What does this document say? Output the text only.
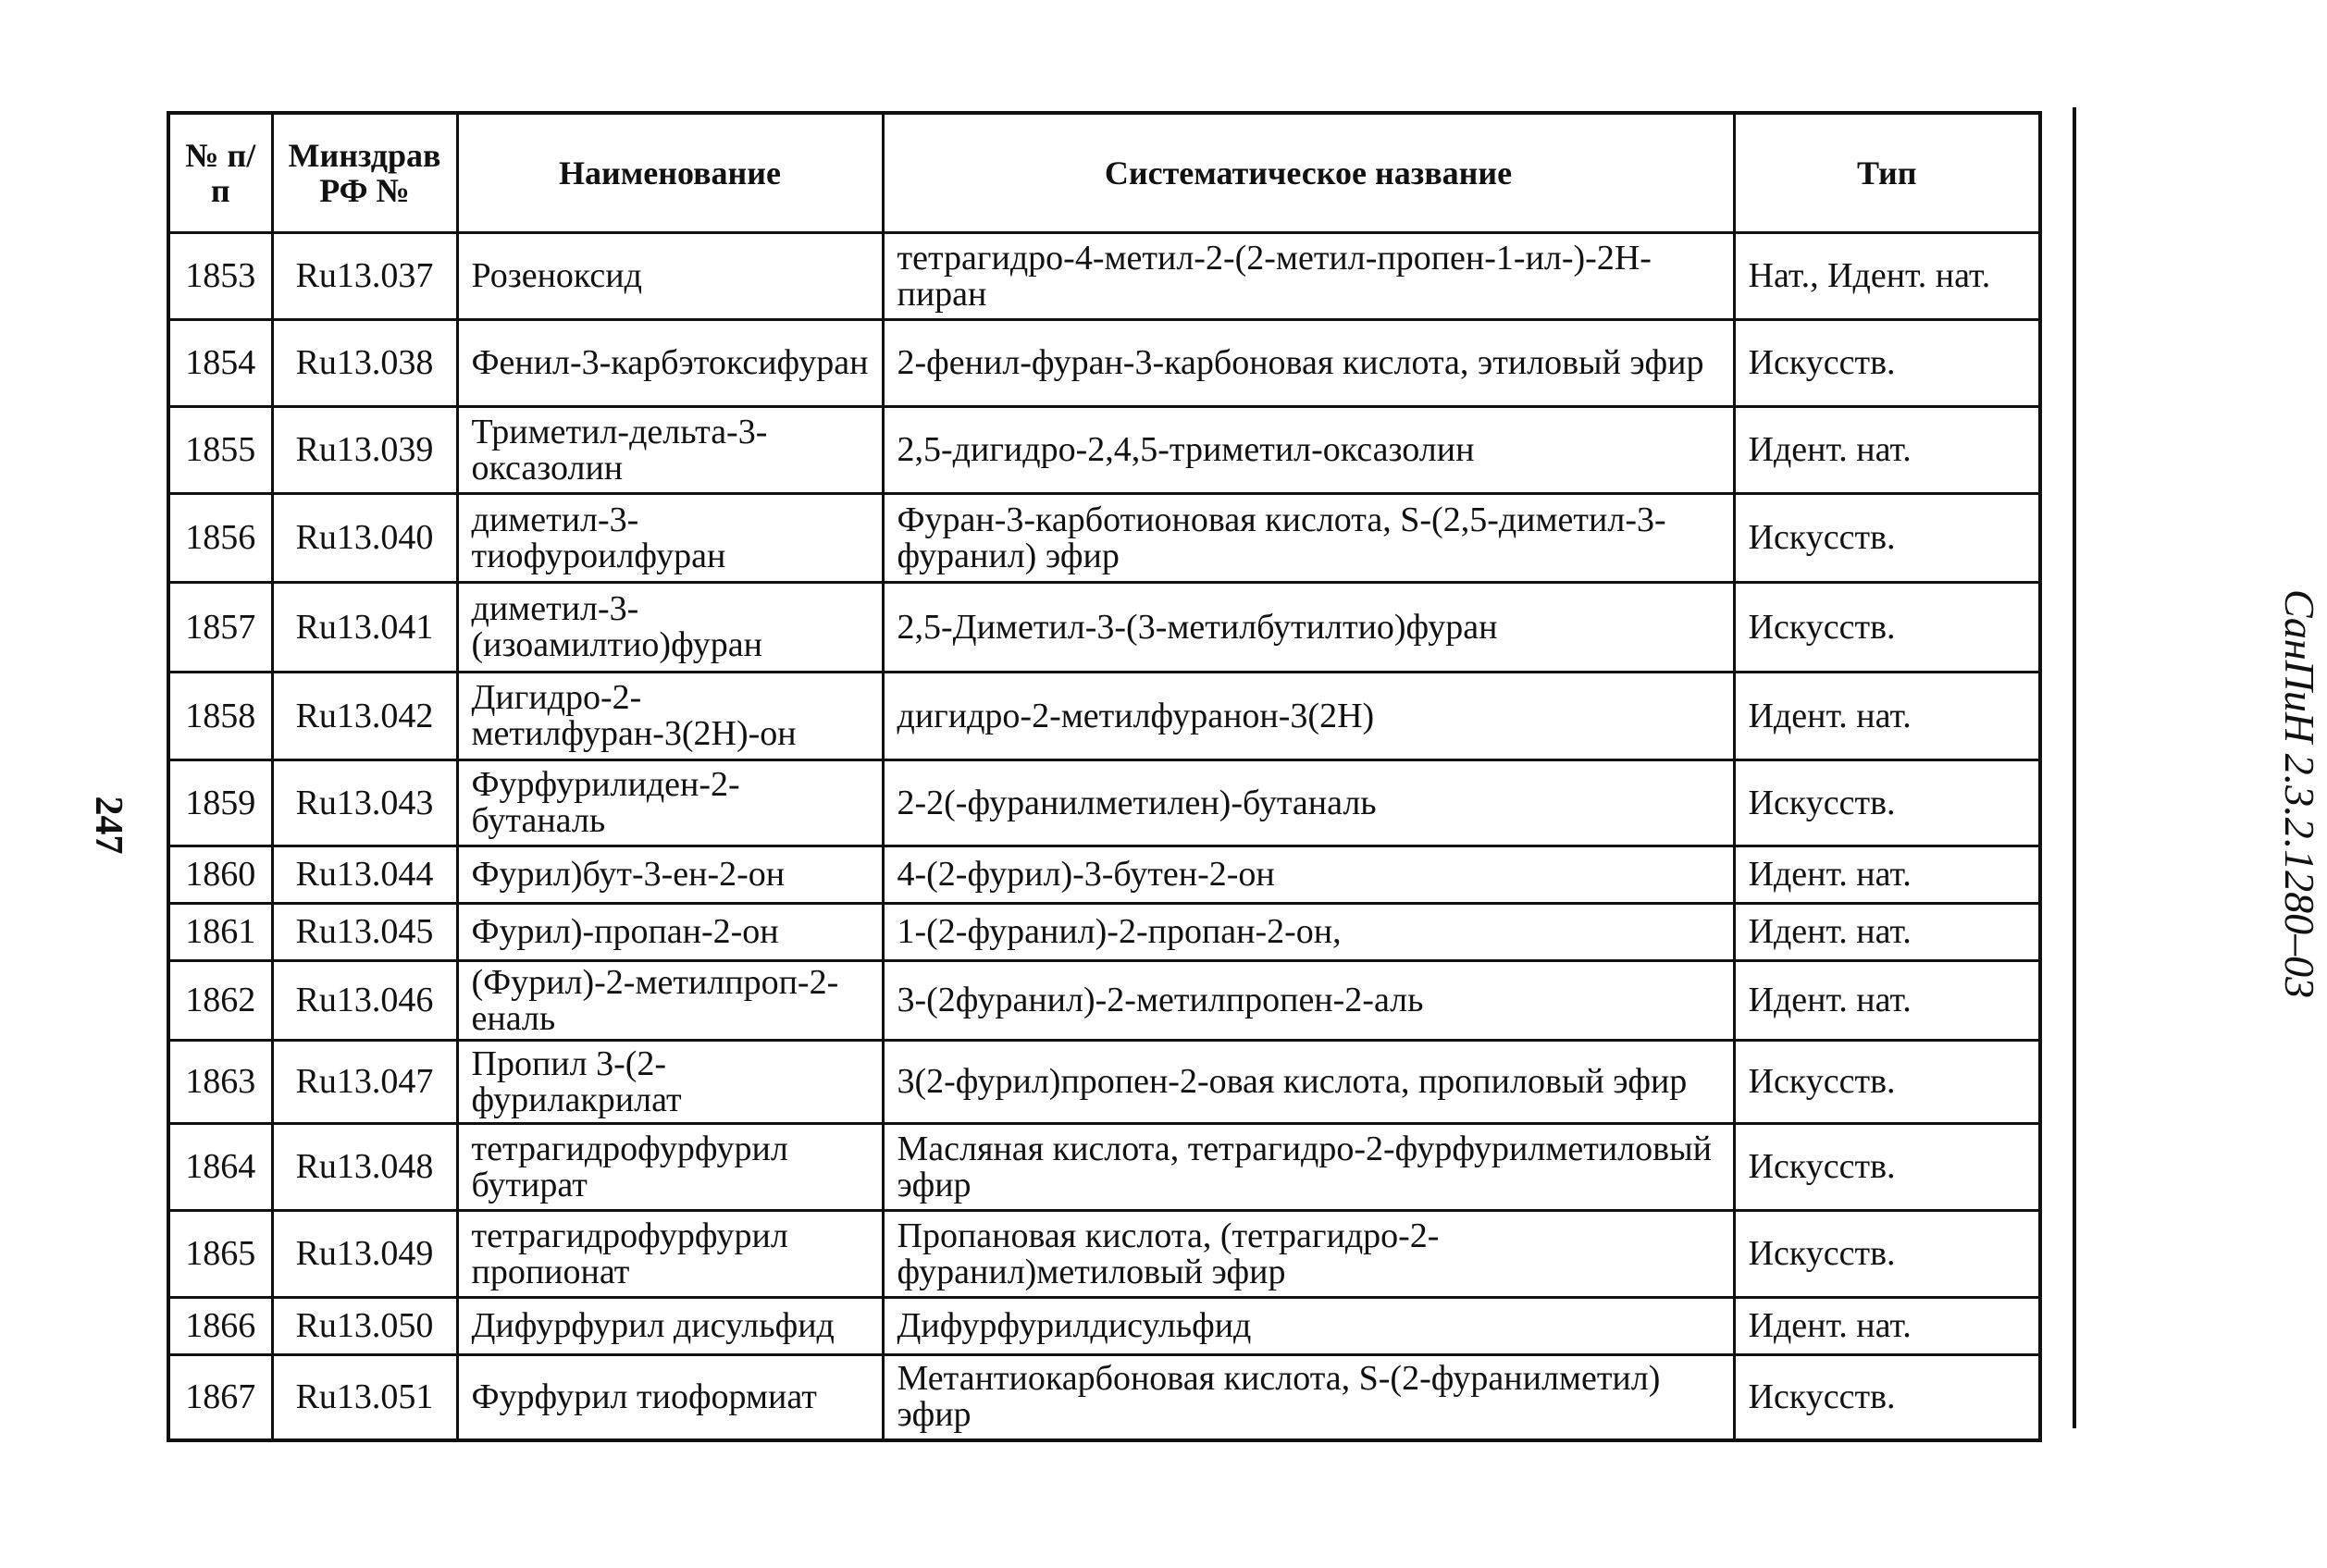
247	СанПиН 2.3.2.1280–03
№ п/п	Минздрав РФ №	Наименование	Систематическое название	Тип
1853	Ru13.037	Розеноксид	тетрагидро-4-метил-2-(2-метил-пропен-1-ил-)-2Н-пиран	Нат., Идент. нат.
1854	Ru13.038	Фенил-3-карбэтоксифуран	2-фенил-фуран-3-карбоновая кислота, этиловый эфир	Искусств.
1855	Ru13.039	Триметил-дельта-3-оксазолин	2,5-дигидро-2,4,5-триметил-оксазолин	Идент. нат.
1856	Ru13.040	диметил-3-тиофуроилфуран	Фуран-3-карботионовая кислота, S-(2,5-диметил-3-фуранил) эфир	Искусств.
1857	Ru13.041	диметил-3-(изоамилтио)фуран	2,5-Диметил-3-(3-метилбутилтио)фуран	Искусств.
1858	Ru13.042	Дигидро-2-метилфуран-3(2Н)-он	дигидро-2-метилфуранон-3(2Н)	Идент. нат.
1859	Ru13.043	Фурфурилиден-2-бутаналь	2-2(-фуранилметилен)-бутаналь	Искусств.
1860	Ru13.044	Фурил)бут-3-ен-2-он	4-(2-фурил)-3-бутен-2-он	Идент. нат.
1861	Ru13.045	Фурил)-пропан-2-он	1-(2-фуранил)-2-пропан-2-он,	Идент. нат.
1862	Ru13.046	(Фурил)-2-метилпроп-2-еналь	3-(2фуранил)-2-метилпропен-2-аль	Идент. нат.
1863	Ru13.047	Пропил 3-(2-фурилакрилат	3(2-фурил)пропен-2-овая кислота, пропиловый эфир	Искусств.
1864	Ru13.048	тетрагидрофурфурил бутират	Масляная кислота, тетрагидро-2-фурфурилметиловый эфир	Искусств.
1865	Ru13.049	тетрагидрофурфурил пропионат	Пропановая кислота, (тетрагидро-2-фуранил)метиловый эфир	Искусств.
1866	Ru13.050	Дифурфурил дисульфид	Дифурфурилдисульфид	Идент. нат.
1867	Ru13.051	Фурфурил тиоформиат	Метантиокарбоновая кислота, S-(2-фуранилметил) эфир	Искусств.
